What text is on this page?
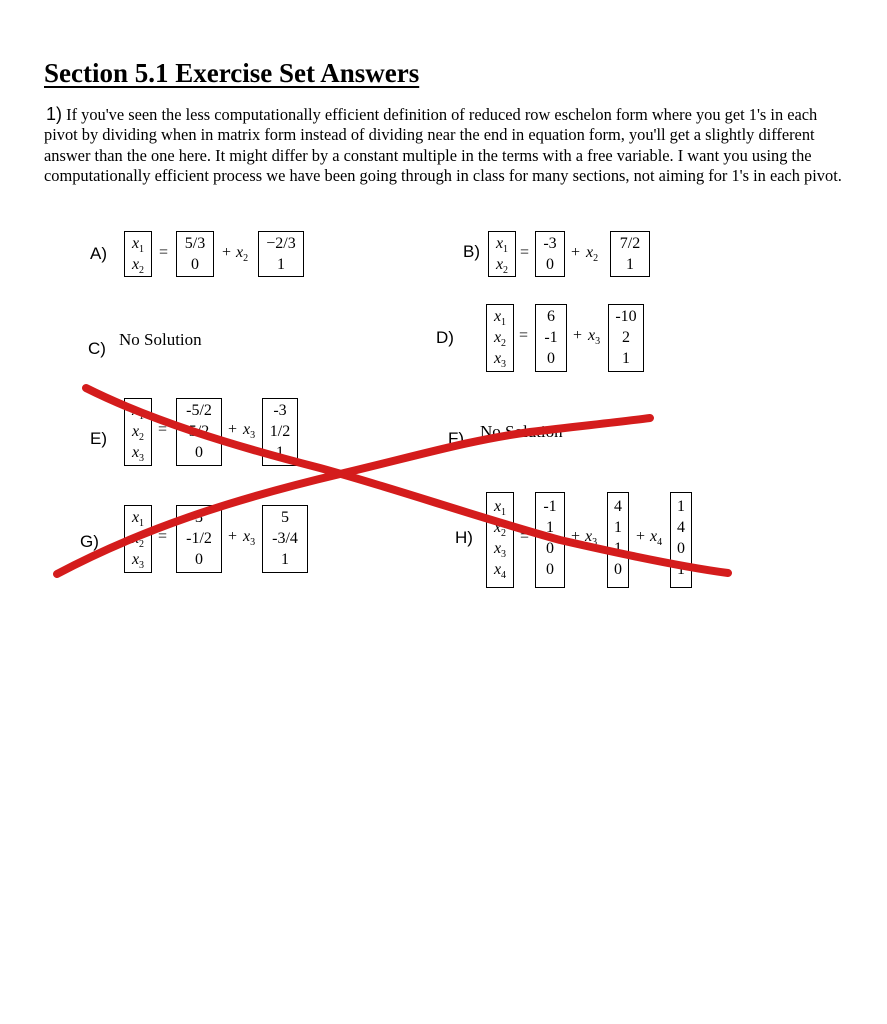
Section 5.1 Exercise Set Answers
1) If you've seen the less computationally efficient definition of reduced row eschelon form where you get 1's in each pivot by dividing when in matrix form instead of dividing near the end in equation form, you'll get a slightly different answer than the one here. It might differ by a constant multiple in the terms with a free variable. I want you using the computationally efficient process we have been going through in class for many sections, not aiming for 1's in each pivot.
A)
$x_1$
$x_2$
=
5/3
0
+ $x_2$
−2/3
1
B) $x_1$
$x_2$
=
-3
0
+ $x_2$
7/2
1
C) No Solution	D)
$x_1$
$x_2$
$x_3$
=
6
-1
0
+ $x_3$
-10
2
1
E)
$x_1$
$x_2$
$x_3$
=
-5/2
5/2
0
+ $x_3$
-3
1/2
1
F) No Solution
G)
$x_1$
$x_2$
$x_3$
=
3
-1/2
0
+ $x_3$
5
-3/4
1
H)
$x_1$
$x_2$
$x_3$
$x_4$
=
-1
1
0
0
+ $x_3$
4
1
1
0
+ $x_4$
1
4
0
1
